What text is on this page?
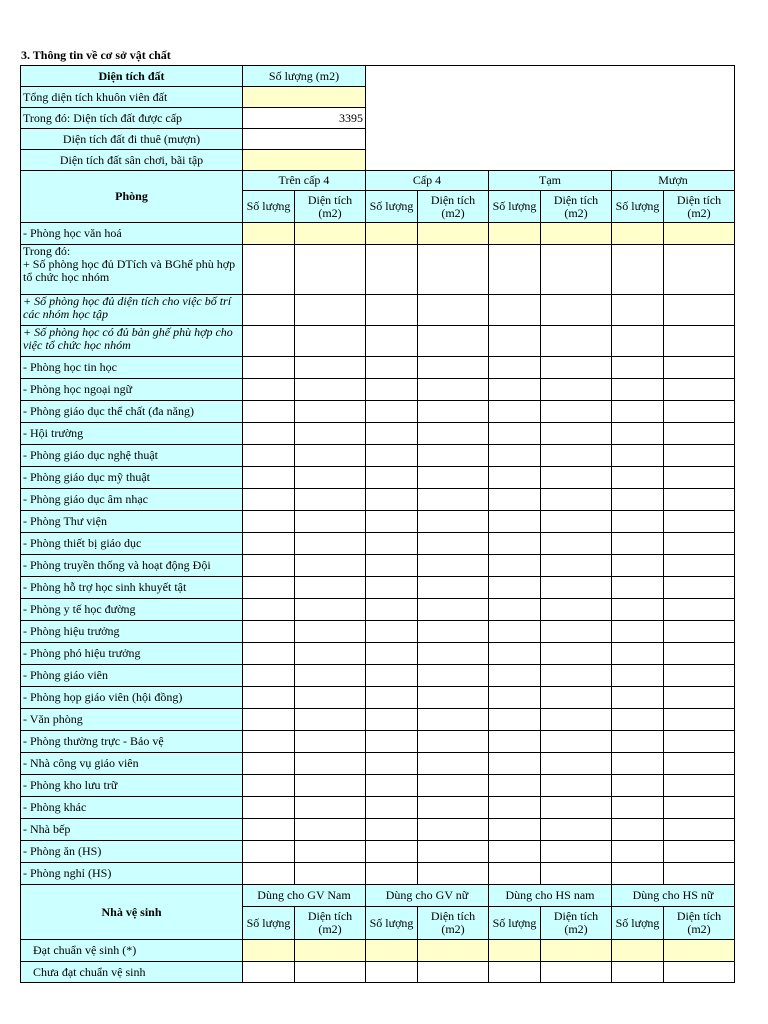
3. Thông tin về cơ sở vật chất
Diện tích đất	Số lượng (m2)							
Tổng diện tích khuôn viên đất								
Trong đó: Diện tích đất được cấp	3395							
Diện tích đất đi thuê (mượn)								
Diện tích đất sân chơi, bãi tập								
Phòng	Trên cấp 4		Cấp 4		Tạm		Mượn	
	Số lượng	Diện tích (m2)	Số lượng	Diện tích (m2)	Số lượng	Diện tích (m2)	Số lượng	Diện tích (m2)
- Phòng học văn hoá								
Trong đó:
+ Số phòng học đủ DTích và BGhế phù hợp tổ chức học nhóm								
+ Số phòng học đủ diện tích cho việc bố trí các nhóm học tập								
+ Số phòng học có đủ bàn ghế phù hợp cho việc tổ chức học nhóm								
- Phòng học tin học								
- Phòng học ngoại ngữ								
- Phòng giáo dục thể chất (đa năng)								
- Hội trường								
- Phòng giáo dục nghệ thuật								
- Phòng giáo dục mỹ thuật								
- Phòng giáo dục âm nhạc								
- Phòng Thư viện								
- Phòng thiết bị giáo dục								
- Phòng truyền thống và hoạt động Đội								
- Phòng hỗ trợ học sinh khuyết tật								
- Phòng y tế học đường								
- Phòng hiệu trưởng								
- Phòng phó hiệu trưởng								
- Phòng giáo viên								
- Phòng họp giáo viên (hội đồng)								
- Văn phòng								
- Phòng thường trực - Bảo vệ								
- Nhà công vụ giáo viên								
- Phòng kho lưu trữ								
- Phòng khác								
- Nhà bếp								
- Phòng ăn (HS)								
- Phòng nghỉ (HS)								
Nhà vệ sinh	Dùng cho GV Nam		Dùng cho GV nữ		Dùng cho HS nam		Dùng cho HS nữ	
	Số lượng	Diện tích (m2)	Số lượng	Diện tích (m2)	Số lượng	Diện tích (m2)	Số lượng	Diện tích (m2)
Đạt chuẩn vệ sinh (*)								
Chưa đạt chuẩn vệ sinh								
